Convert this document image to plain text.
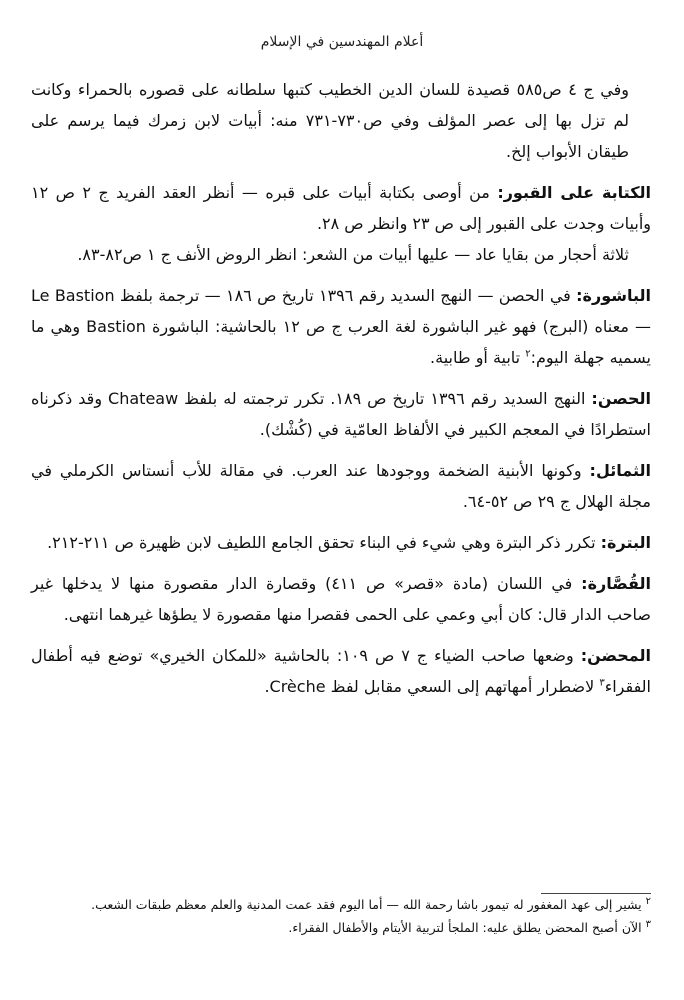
أعلام المهندسين في الإسلام

وفي ج ٤ ص٥٨٥ قصيدة للسان الدين الخطيب كتبها سلطانه على قصوره بالحمراء وكانت لم تزل بها إلى عصر المؤلف وفي ص٧٣٠-٧٣١ منه: أبيات لابن زمرك فيما يرسم على طيقان الأبواب إلخ.

الكتابة على القبور: من أوصى بكتابة أبيات على قبره — أنظر العقد الفريد ج ٢ ص ١٢ وأبيات وجدت على القبور إلى ص ٢٣ وانظر ص ٢٨.

ثلاثة أحجار من بقايا عاد — عليها أبيات من الشعر: انظر الروض الأنف ج ١ ص٨٢-٨٣.

الباشورة: في الحصن — النهج السديد رقم ١٣٩٦ تاريخ ص ١٨٦ — ترجمة بلفظ Le Bastion — معناه (البرج) فهو غير الباشورة لغة العرب ج ص ١٢ بالحاشية: الباشورة Bastion وهي ما يسميه جهلة اليوم:$^٢$ تابية أو طابية.

الحصن: النهج السديد رقم ١٣٩٦ تاريخ ص ١٨٩. تكرر ترجمته له بلفظ Chateaw وقد ذكرناه استطرادًا في المعجم الكبير في الألفاظ العامّية في (كُشْك).

الثمائل: وكونها الأبنية الضخمة ووجودها عند العرب. في مقالة للأب أنستاس الكرملي في مجلة الهلال ج ٢٩ ص ٥٢-٦٤.

البترة: تكرر ذكر البترة وهي شيء في البناء تحقق الجامع اللطيف لابن ظهيرة ص ٢١١-٢١٢.

القُصَّارة: في اللسان (مادة «قصر» ص ٤١١) وقصارة الدار مقصورة منها لا يدخلها غير صاحب الدار قال: كان أبي وعمي على الحمى فقصرا منها مقصورة لا يطؤها غيرهما انتهى.

المحضن: وضعها صاحب الضياء ج ٧ ص ١٠٩: بالحاشية «للمكان الخيري» توضع فيه أطفال الفقراء$^٣$ لاضطرار أمهاتهم إلى السعي مقابل لفظ Crèche.

$^٢$ يشير إلى عهد المغفور له تيمور باشا رحمة الله — أما اليوم فقد عمت المدنية والعلم معظم طبقات الشعب.

$^٣$ الآن أصبح المحضن يطلق عليه: الملجأ لتربية الأيتام والأطفال الفقراء.
